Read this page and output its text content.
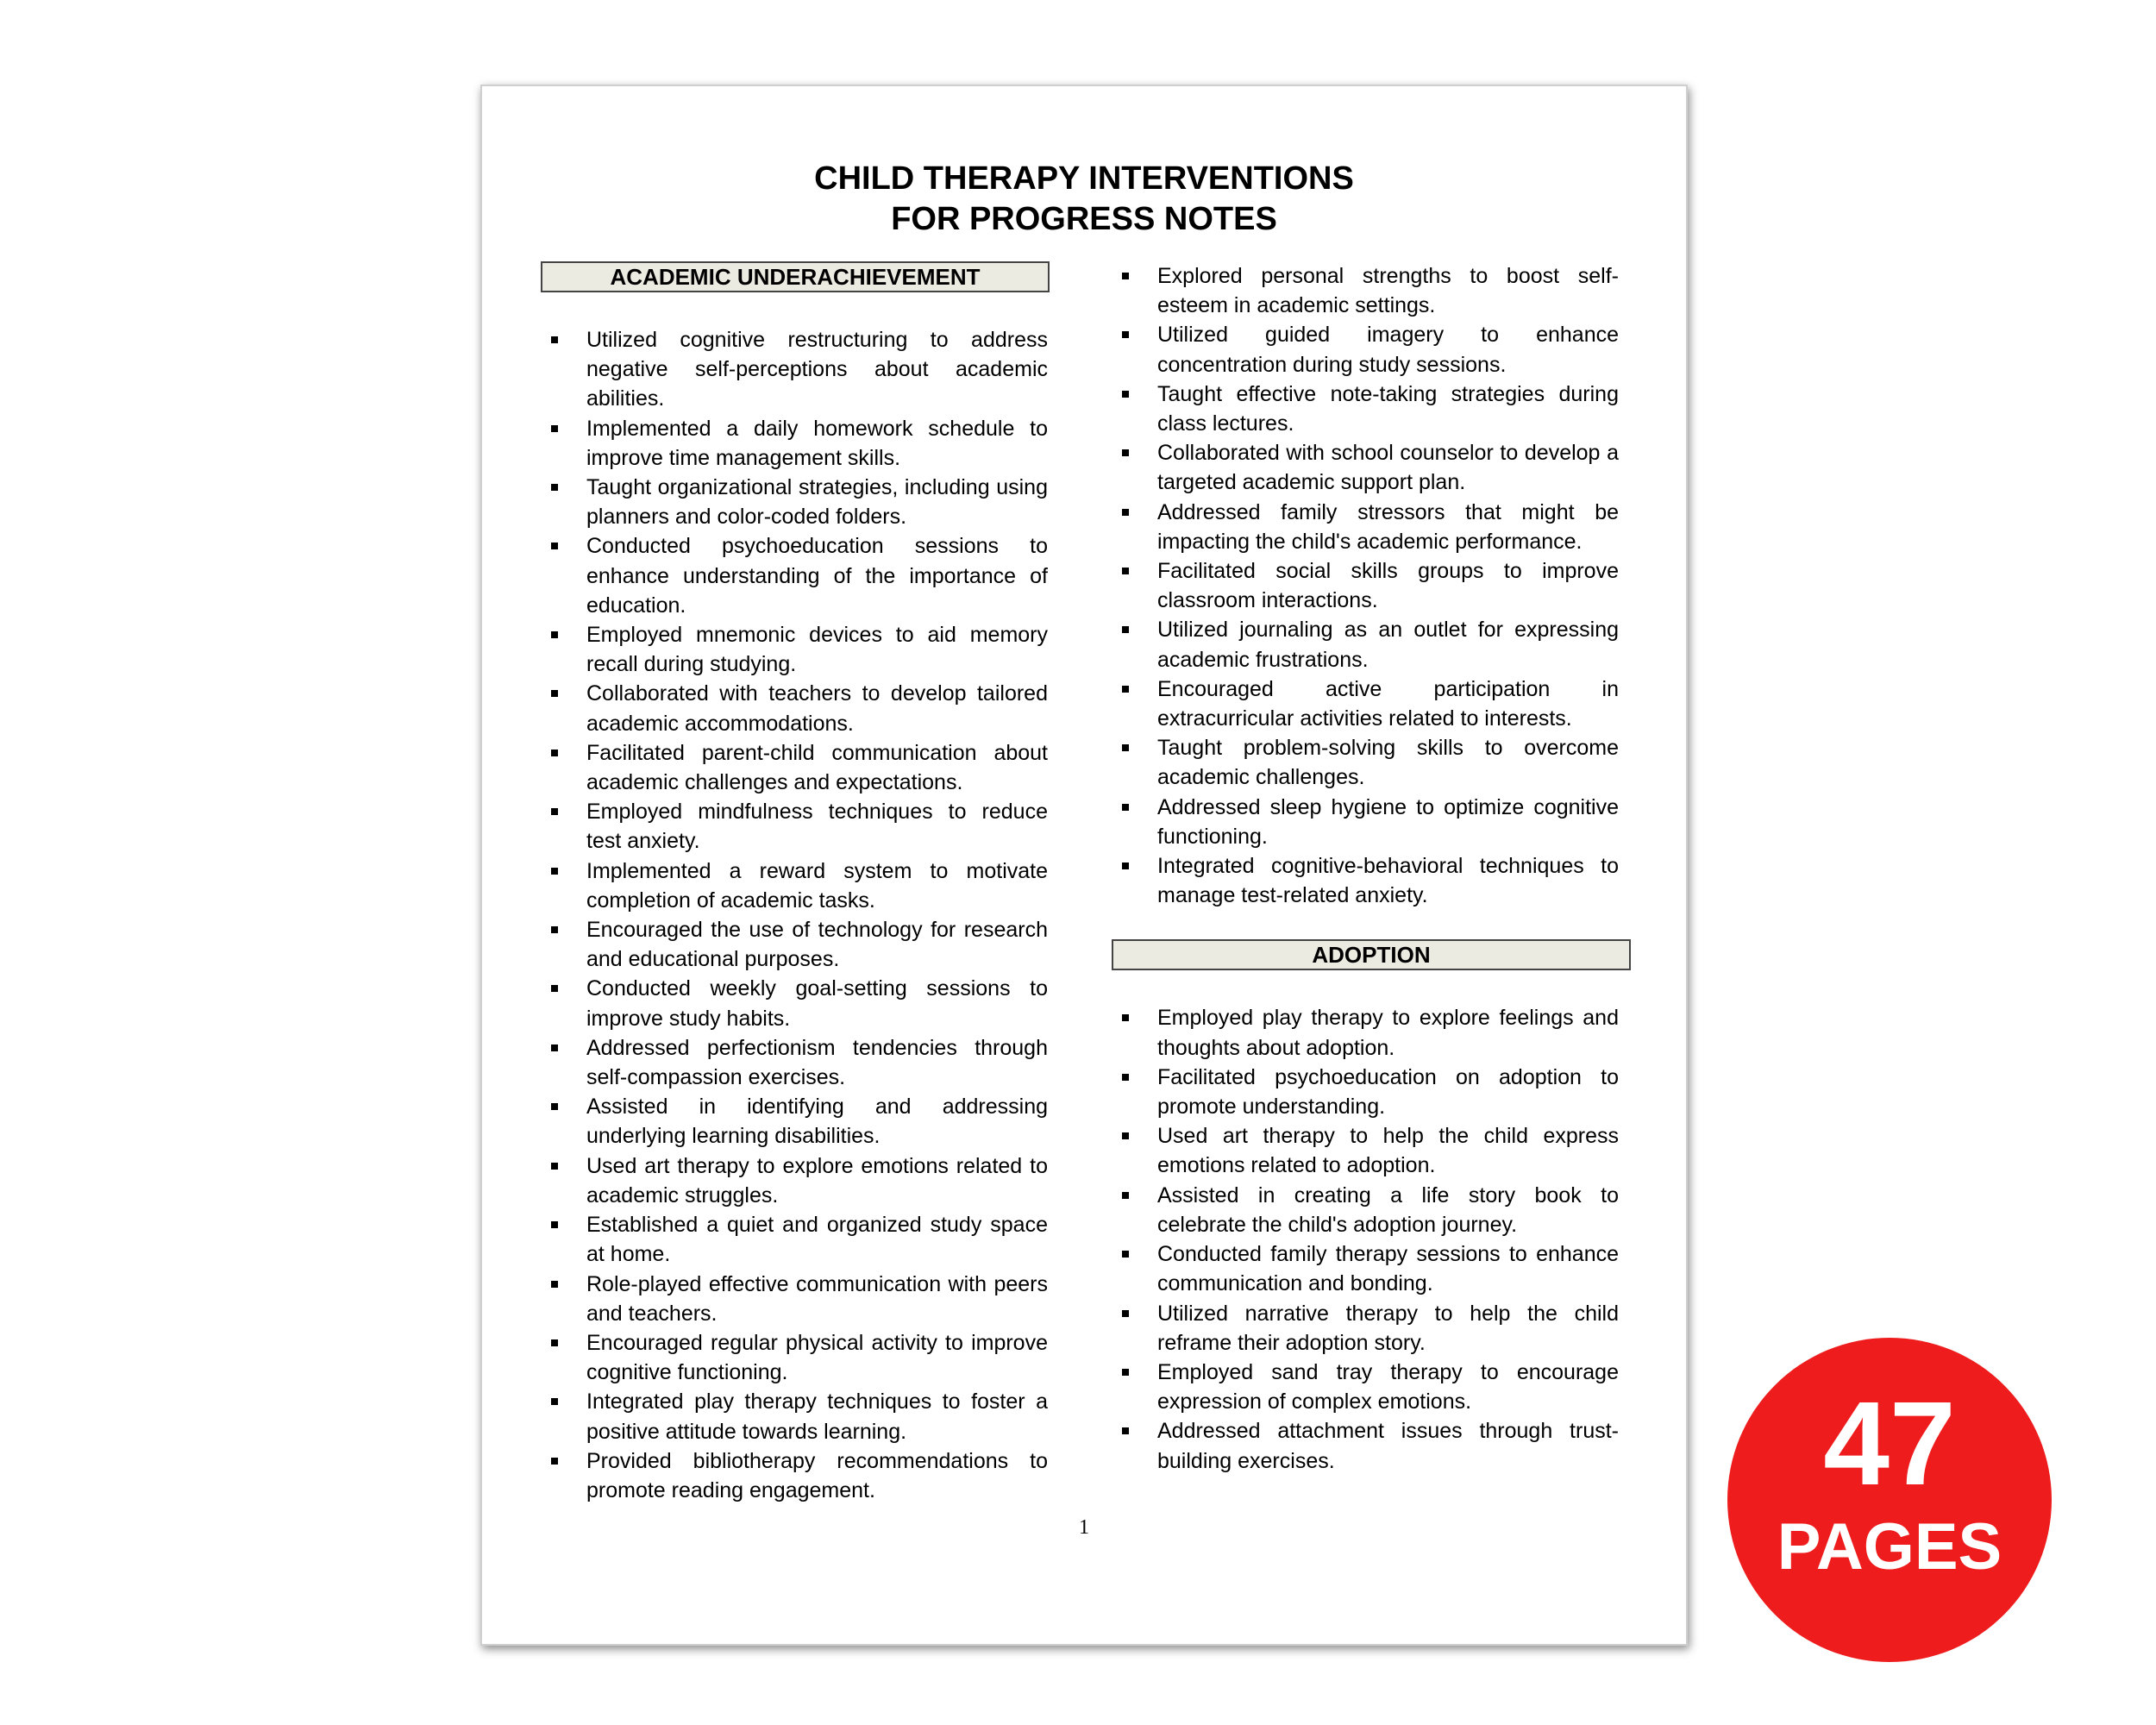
CHILD THERAPY INTERVENTIONS
FOR PROGRESS NOTES
ACADEMIC UNDERACHIEVEMENT
Utilized cognitive restructuring to address negative self-perceptions about academic abilities.
Implemented a daily homework schedule to improve time management skills.
Taught organizational strategies, including using planners and color-coded folders.
Conducted psychoeducation sessions to enhance understanding of the importance of education.
Employed mnemonic devices to aid memory recall during studying.
Collaborated with teachers to develop tailored academic accommodations.
Facilitated parent-child communication about academic challenges and expectations.
Employed mindfulness techniques to reduce test anxiety.
Implemented a reward system to motivate completion of academic tasks.
Encouraged the use of technology for research and educational purposes.
Conducted weekly goal-setting sessions to improve study habits.
Addressed perfectionism tendencies through self-compassion exercises.
Assisted in identifying and addressing underlying learning disabilities.
Used art therapy to explore emotions related to academic struggles.
Established a quiet and organized study space at home.
Role-played effective communication with peers and teachers.
Encouraged regular physical activity to improve cognitive functioning.
Integrated play therapy techniques to foster a positive attitude towards learning.
Provided bibliotherapy recommendations to promote reading engagement.
Explored personal strengths to boost self-esteem in academic settings.
Utilized guided imagery to enhance concentration during study sessions.
Taught effective note-taking strategies during class lectures.
Collaborated with school counselor to develop a targeted academic support plan.
Addressed family stressors that might be impacting the child's academic performance.
Facilitated social skills groups to improve classroom interactions.
Utilized journaling as an outlet for expressing academic frustrations.
Encouraged active participation in extracurricular activities related to interests.
Taught problem-solving skills to overcome academic challenges.
Addressed sleep hygiene to optimize cognitive functioning.
Integrated cognitive-behavioral techniques to manage test-related anxiety.
ADOPTION
Employed play therapy to explore feelings and thoughts about adoption.
Facilitated psychoeducation on adoption to promote understanding.
Used art therapy to help the child express emotions related to adoption.
Assisted in creating a life story book to celebrate the child's adoption journey.
Conducted family therapy sessions to enhance communication and bonding.
Utilized narrative therapy to help the child reframe their adoption story.
Employed sand tray therapy to encourage expression of complex emotions.
Addressed attachment issues through trust-building exercises.
1
47
PAGES
